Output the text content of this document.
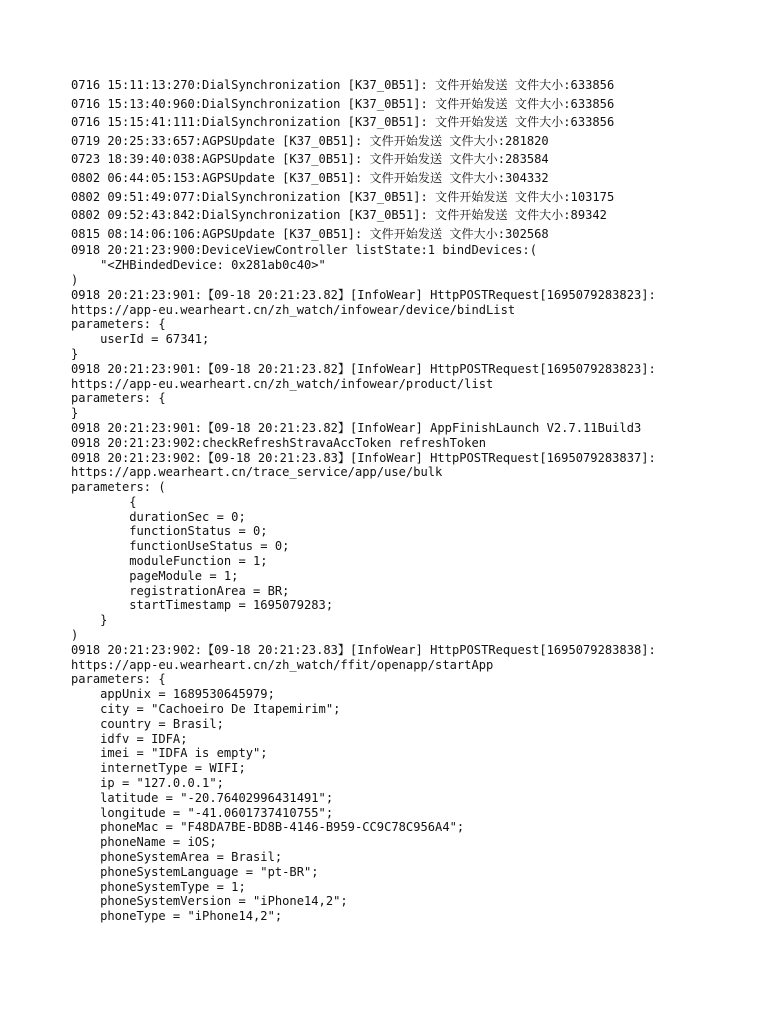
0716 15:11:13:270:DialSynchronization [K37_0B51]: 文件开始发送 文件大小:633856
0716 15:13:40:960:DialSynchronization [K37_0B51]: 文件开始发送 文件大小:633856
0716 15:15:41:111:DialSynchronization [K37_0B51]: 文件开始发送 文件大小:633856
0719 20:25:33:657:AGPSUpdate [K37_0B51]: 文件开始发送 文件大小:281820
0723 18:39:40:038:AGPSUpdate [K37_0B51]: 文件开始发送 文件大小:283584
0802 06:44:05:153:AGPSUpdate [K37_0B51]: 文件开始发送 文件大小:304332
0802 09:51:49:077:DialSynchronization [K37_0B51]: 文件开始发送 文件大小:103175
0802 09:52:43:842:DialSynchronization [K37_0B51]: 文件开始发送 文件大小:89342
0815 08:14:06:106:AGPSUpdate [K37_0B51]: 文件开始发送 文件大小:302568
0918 20:21:23:900:DeviceViewController listState:1 bindDevices:(
"<ZHBindedDevice: 0x281ab0c40>"
)
0918 20:21:23:901:【09-18 20:21:23.82】[InfoWear] HttpPOSTRequest[1695079283823]:
https://app-eu.wearheart.cn/zh_watch/infowear/device/bindList
parameters: {
userId = 67341;
}
0918 20:21:23:901:【09-18 20:21:23.82】[InfoWear] HttpPOSTRequest[1695079283823]:
https://app-eu.wearheart.cn/zh_watch/infowear/product/list
parameters: {
}
0918 20:21:23:901:【09-18 20:21:23.82】[InfoWear] AppFinishLaunch V2.7.11Build3
0918 20:21:23:902:checkRefreshStravaAccToken refreshToken
0918 20:21:23:902:【09-18 20:21:23.83】[InfoWear] HttpPOSTRequest[1695079283837]:
https://app.wearheart.cn/trace_service/app/use/bulk
parameters: (
{
durationSec = 0;
functionStatus = 0;
functionUseStatus = 0;
moduleFunction = 1;
pageModule = 1;
registrationArea = BR;
startTimestamp = 1695079283;
}
)
0918 20:21:23:902:【09-18 20:21:23.83】[InfoWear] HttpPOSTRequest[1695079283838]:
https://app-eu.wearheart.cn/zh_watch/ffit/openapp/startApp
parameters: {
appUnix = 1689530645979;
city = "Cachoeiro De Itapemirim";
country = Brasil;
idfv = IDFA;
imei = "IDFA is empty";
internetType = WIFI;
ip = "127.0.0.1";
latitude = "-20.76402996431491";
longitude = "-41.0601737410755";
phoneMac = "F48DA7BE-BD8B-4146-B959-CC9C78C956A4";
phoneName = iOS;
phoneSystemArea = Brasil;
phoneSystemLanguage = "pt-BR";
phoneSystemType = 1;
phoneSystemVersion = "iPhone14,2";
phoneType = "iPhone14,2";
